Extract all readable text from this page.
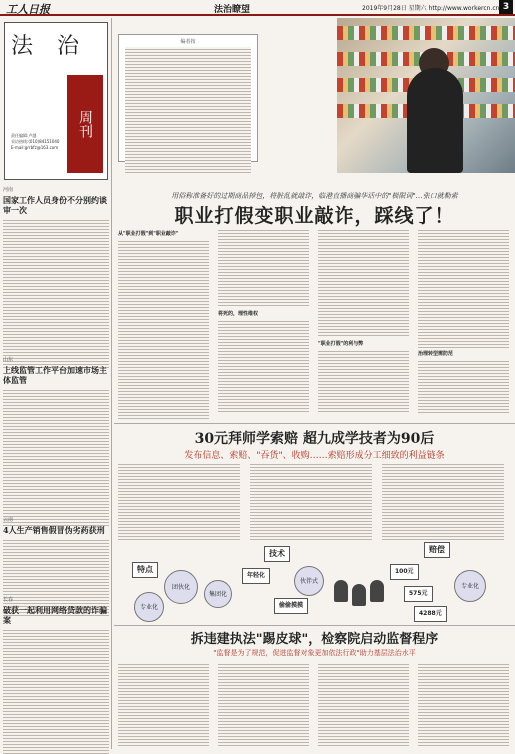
工人日报	法治瞭望	2019年9月28日 星期六 http://www.workercn.cn 3
法 治
周刊
责任编辑:卢越
采访热线:(010)84151040
E-mail:grrbfz@163.com
河南
国家工作人员身份不分别约谈审一次
山东
上线监管工作平台加速市场主体监管
云南
4人生产销售假冒伪劣药获刑
长春
破获一起利用网络贷款的诈骗案
编者按
用俗称准备好的过期商品掉包，将脏乱就敲诈，临港直播商骗华话中的"极限词"…张口就勒索
职业打假变职业敲诈，踩线了！
从"职业打假"到"职业敲诈"
将死的，理性维权
"职业打假"的利与弊
治理转型需防范
30元拜师学索赔 超九成学技者为90后
发布信息、索赔、"吞货"、收购……索赔形成分工细致的利益链条
特点
技术	赔偿
团伙化
集团化
专业化	偷偷摸摸
年轻化
伙伴式
100元
575元
4288元
专业化
拆违建执法"踢皮球"，检察院启动监督程序
"监督是为了规范，促进监督对象更加依法行政"助力基层法治水平
